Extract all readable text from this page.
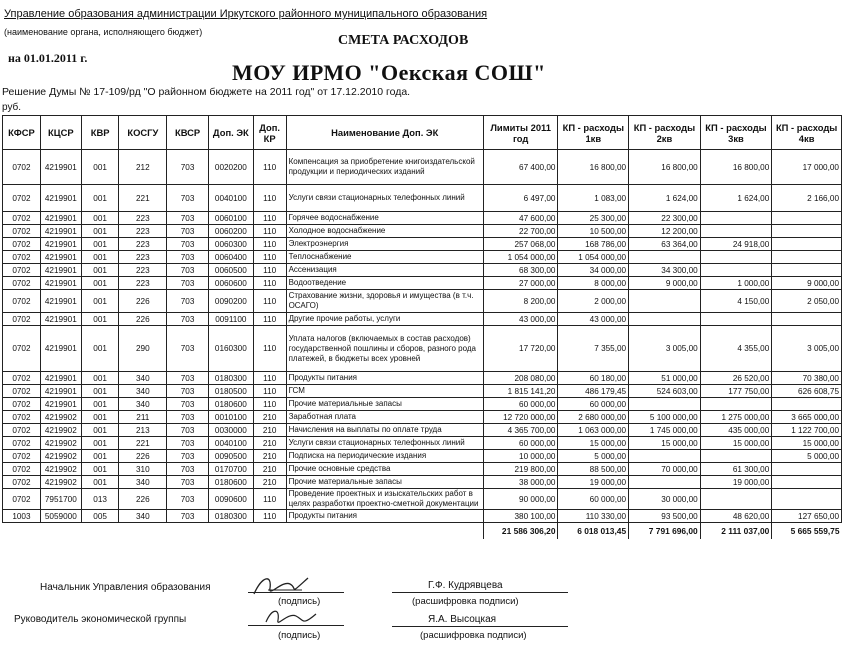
Управление образования администрации Иркутского районного муниципального образования
(наименование органа, исполняющего бюджет)
СМЕТА РАСХОДОВ
на 01.01.2011 г.
МОУ ИРМО "Оекская СОШ"
Решение Думы № 17-109/рд "О районном бюджете на 2011 год" от 17.12.2010 года.
руб.
КФСР	КЦСР	КВР	КОСГУ	КВСР	Доп. ЭК	Доп. КР	Наименование Доп. ЭК	Лимиты 2011 год	КП - расходы 1кв	КП - расходы 2кв	КП - расходы 3кв	КП - расходы 4кв
0702	4219901	001	212	703	0020200	110	Компенсация за приобретение книгоиздательской продукции и периодических изданий	67 400,00	16 800,00	16 800,00	16 800,00	17 000,00
0702	4219901	001	221	703	0040100	110	Услуги связи стационарных телефонных линий	6 497,00	1 083,00	1 624,00	1 624,00	2 166,00
0702	4219901	001	223	703	0060100	110	Горячее водоснабжение	47 600,00	25 300,00	22 300,00		
0702	4219901	001	223	703	0060200	110	Холодное водоснабжение	22 700,00	10 500,00	12 200,00		
0702	4219901	001	223	703	0060300	110	Электроэнергия	257 068,00	168 786,00	63 364,00	24 918,00	
0702	4219901	001	223	703	0060400	110	Теплоснабжение	1 054 000,00	1 054 000,00			
0702	4219901	001	223	703	0060500	110	Ассенизация	68 300,00	34 000,00	34 300,00		
0702	4219901	001	223	703	0060600	110	Водоотведение	27 000,00	8 000,00	9 000,00	1 000,00	9 000,00
0702	4219901	001	226	703	0090200	110	Страхование жизни, здоровья и имущества (в т.ч. ОСАГО)	8 200,00	2 000,00		4 150,00	2 050,00
0702	4219901	001	226	703	0091100	110	Другие прочие работы, услуги	43 000,00	43 000,00			
0702	4219901	001	290	703	0160300	110	Уплата налогов (включаемых в состав расходов) государственной пошлины и сборов, разного рода платежей, в бюджеты всех уровней	17 720,00	7 355,00	3 005,00	4 355,00	3 005,00
0702	4219901	001	340	703	0180300	110	Продукты питания	208 080,00	60 180,00	51 000,00	26 520,00	70 380,00
0702	4219901	001	340	703	0180500	110	ГСМ	1 815 141,20	486 179,45	524 603,00	177 750,00	626 608,75
0702	4219901	001	340	703	0180600	110	Прочие материальные запасы	60 000,00	60 000,00			
0702	4219902	001	211	703	0010100	210	Заработная плата	12 720 000,00	2 680 000,00	5 100 000,00	1 275 000,00	3 665 000,00
0702	4219902	001	213	703	0030000	210	Начисления на выплаты по оплате труда	4 365 700,00	1 063 000,00	1 745 000,00	435 000,00	1 122 700,00
0702	4219902	001	221	703	0040100	210	Услуги связи стационарных телефонных линий	60 000,00	15 000,00	15 000,00	15 000,00	15 000,00
0702	4219902	001	226	703	0090500	210	Подписка на периодические издания	10 000,00	5 000,00			5 000,00
0702	4219902	001	310	703	0170700	210	Прочие основные средства	219 800,00	88 500,00	70 000,00	61 300,00	
0702	4219902	001	340	703	0180600	210	Прочие материальные запасы	38 000,00	19 000,00		19 000,00	
0702	7951700	013	226	703	0090600	110	Проведение проектных и изыскательских работ в целях разработки проектно-сметной документации	90 000,00	60 000,00	30 000,00		
1003	5059000	005	340	703	0180300	110	Продукты питания	380 100,00	110 330,00	93 500,00	48 620,00	127 650,00
								21 586 306,20	6 018 013,45	7 791 696,00	2 111 037,00	5 665 559,75
Начальник Управления образования
(подпись)
Г.Ф. Кудрявцева
(расшифровка подписи)
Руководитель экономической группы
(подпись)
Я.А. Высоцкая
(расшифровка подписи)
